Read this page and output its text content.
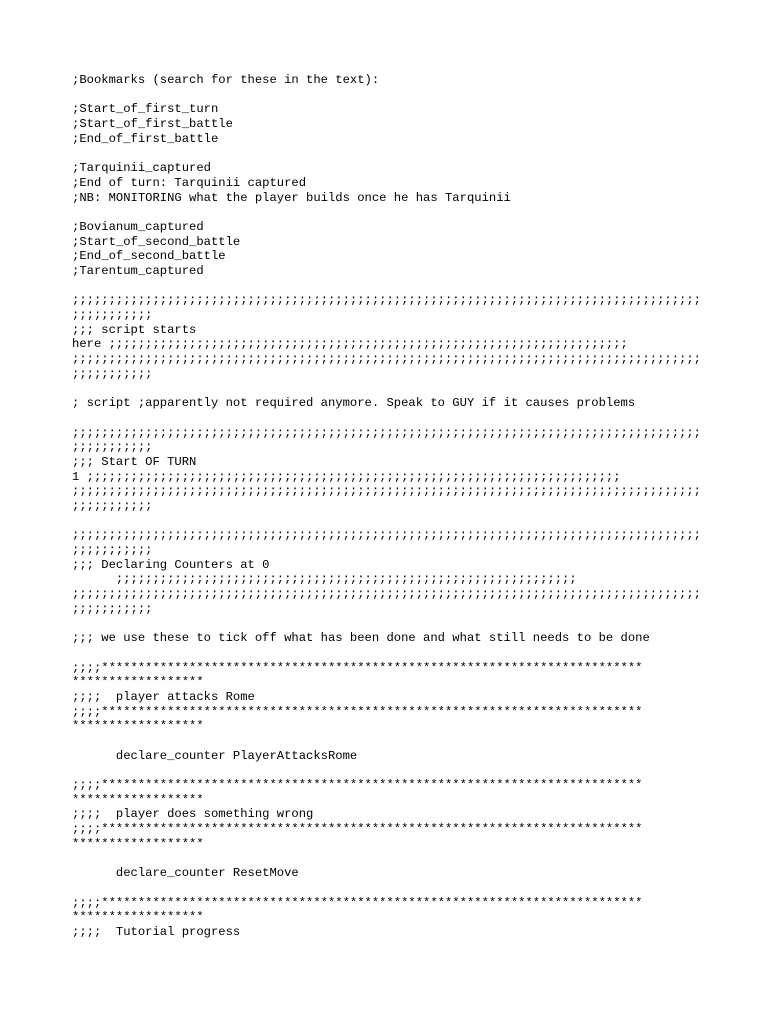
;Bookmarks (search for these in the text):
;Start_of_first_turn
;Start_of_first_battle
;End_of_first_battle
;Tarquinii_captured
;End of turn: Tarquinii captured
;NB: MONITORING what the player builds once he has Tarquinii
;Bovianum_captured
;Start_of_second_battle
;End_of_second_battle
;Tarentum_captured
;;;;;;;;;;;;;;;;;;;;;;;;;;;;;;;;;;;;;;;;;;;;;;;;;;;;;;;;;;;;;;;;;;;;;;;;;;;;;;;;;;;;;;
;;;;;;;;;;;
;;; script starts
here ;;;;;;;;;;;;;;;;;;;;;;;;;;;;;;;;;;;;;;;;;;;;;;;;;;;;;;;;;;;;;;;;;;;;;;;
;;;;;;;;;;;;;;;;;;;;;;;;;;;;;;;;;;;;;;;;;;;;;;;;;;;;;;;;;;;;;;;;;;;;;;;;;;;;;;;;;;;;;;
;;;;;;;;;;;
; script ;apparently not required anymore. Speak to GUY if it causes problems
;;;;;;;;;;;;;;;;;;;;;;;;;;;;;;;;;;;;;;;;;;;;;;;;;;;;;;;;;;;;;;;;;;;;;;;;;;;;;;;;;;;;;;
;;;;;;;;;;;
;;; Start OF TURN
1 ;;;;;;;;;;;;;;;;;;;;;;;;;;;;;;;;;;;;;;;;;;;;;;;;;;;;;;;;;;;;;;;;;;;;;;;;;
;;;;;;;;;;;;;;;;;;;;;;;;;;;;;;;;;;;;;;;;;;;;;;;;;;;;;;;;;;;;;;;;;;;;;;;;;;;;;;;;;;;;;;
;;;;;;;;;;;
;;;;;;;;;;;;;;;;;;;;;;;;;;;;;;;;;;;;;;;;;;;;;;;;;;;;;;;;;;;;;;;;;;;;;;;;;;;;;;;;;;;;;;
;;;;;;;;;;;
;;; Declaring Counters at 0
;;;;;;;;;;;;;;;;;;;;;;;;;;;;;;;;;;;;;;;;;;;;;;;;;;;;;;;;;;;;;;;
;;;;;;;;;;;;;;;;;;;;;;;;;;;;;;;;;;;;;;;;;;;;;;;;;;;;;;;;;;;;;;;;;;;;;;;;;;;;;;;;;;;;;;
;;;;;;;;;;;
;;; we use these to tick off what has been done and what still needs to be done
;;;;**************************************************************************
******************
;;;;  player attacks Rome
;;;;**************************************************************************
******************
declare_counter PlayerAttacksRome
;;;;**************************************************************************
******************
;;;;  player does something wrong
;;;;**************************************************************************
******************
declare_counter ResetMove
;;;;**************************************************************************
******************
;;;;  Tutorial progress
